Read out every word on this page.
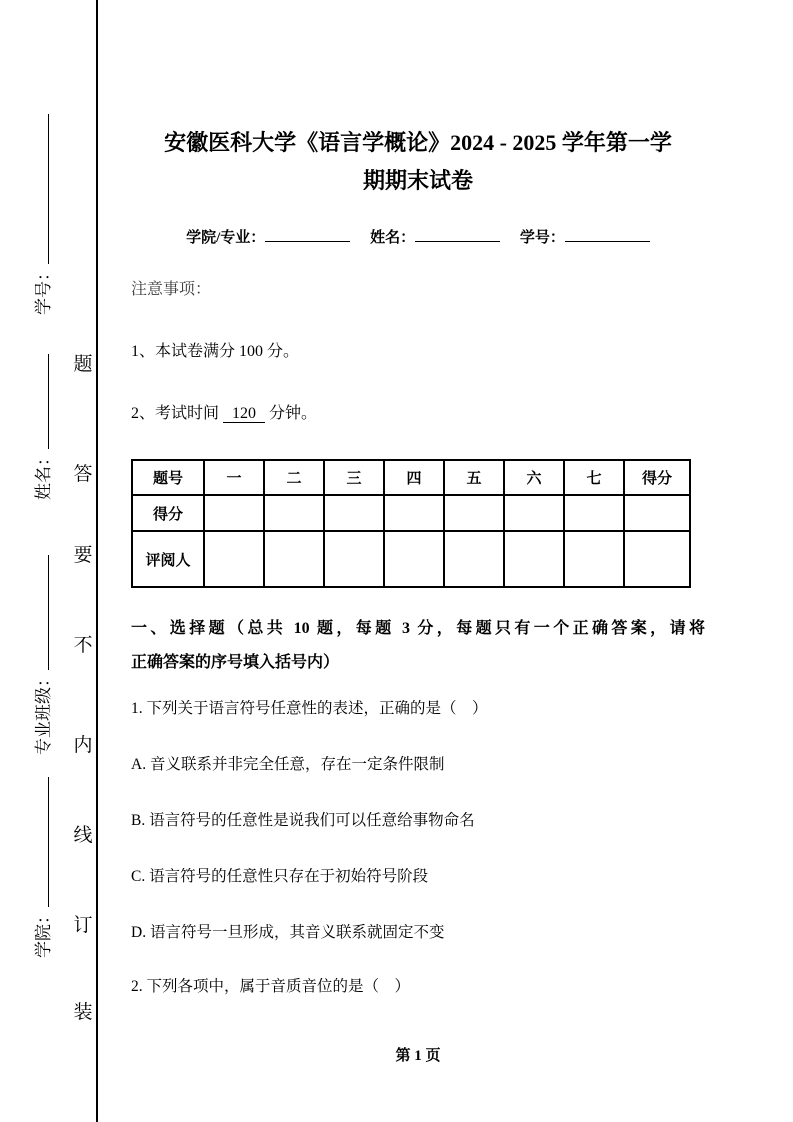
学号：
姓名：
专业班级：
学院：
题
答
要
不
内
线
订
装
安徽医科大学《语言学概论》2024 - 2025 学年第一学
期期末试卷
学院/专业：	姓名：	学号：
注意事项：
1、本试卷满分 100 分。
2、考试时间 120 分钟。
题号	一	二	三	四	五	六	七	得分
得分								
评阅人								
一、选择题（总共 10 题，每题 3 分，每题只有一个正确答案，请将
正确答案的序号填入括号内）
1. 下列关于语言符号任意性的表述，正确的是（　）
A. 音义联系并非完全任意，存在一定条件限制
B. 语言符号的任意性是说我们可以任意给事物命名
C. 语言符号的任意性只存在于初始符号阶段
D. 语言符号一旦形成，其音义联系就固定不变
2. 下列各项中，属于音质音位的是（　）
第 1 页
